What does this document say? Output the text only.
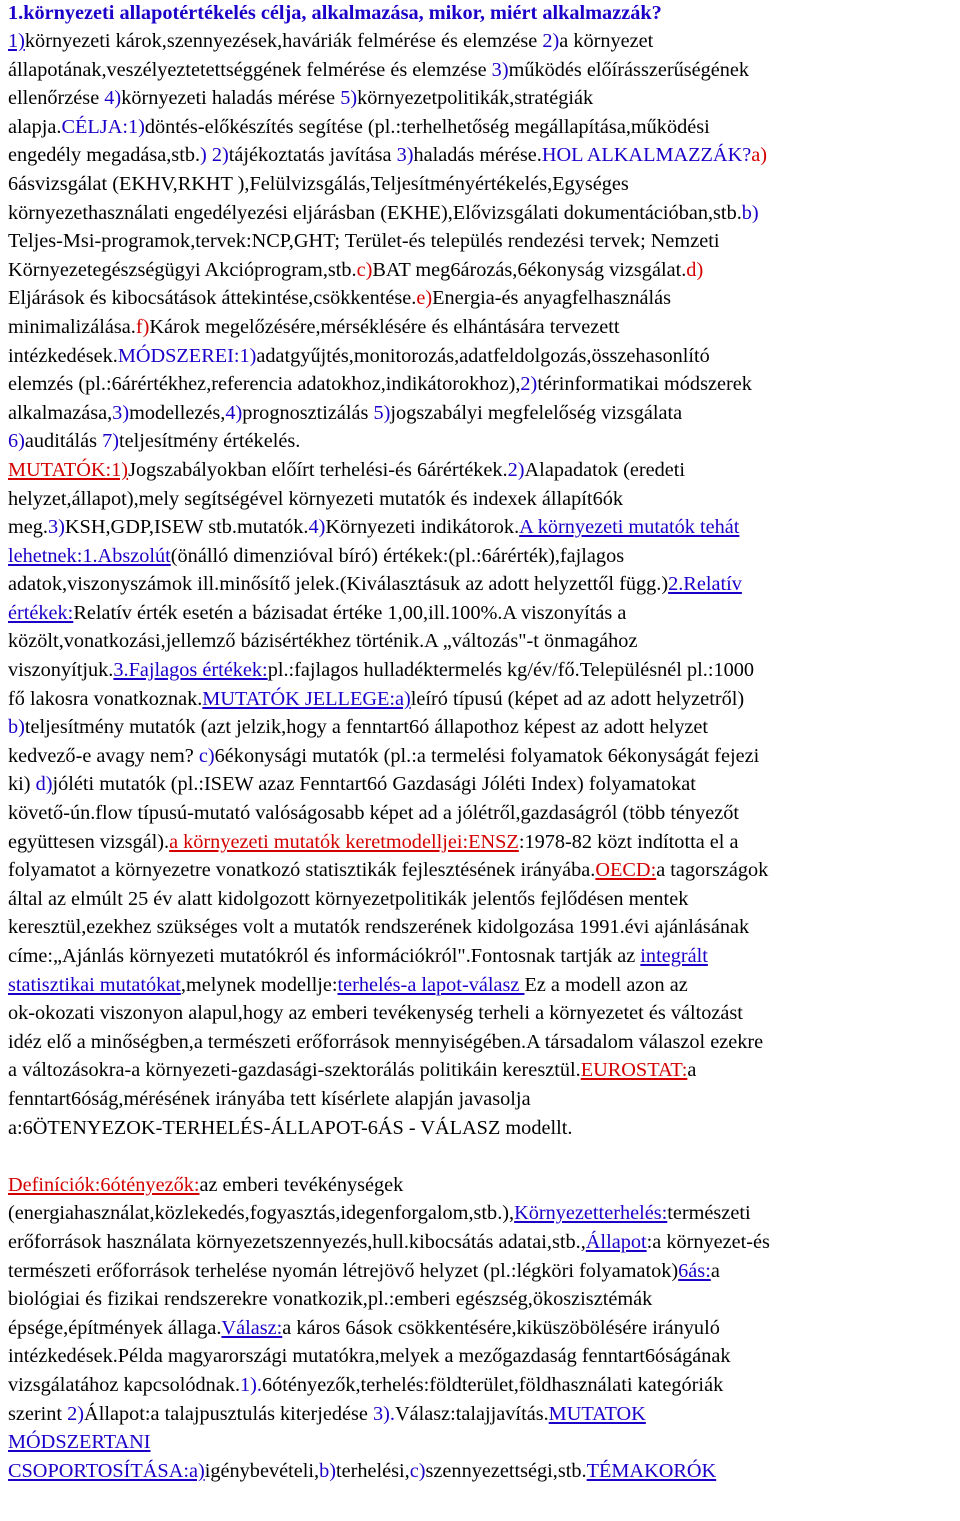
1.környezeti allapotértékelés célja, alkalmazása, mikor, miért alkalmazzák?
1)környezeti károk,szennyezések,haváriák felmérése és elemzése 2)a környezet
állapotának,veszélyeztetettséggének felmérése és elemzése 3)működés előírásszerűségének
ellenőrzése 4)környezeti haladás mérése 5)környezetpolitikák,stratégiák
alapja.CÉLJA:1)döntés-előkészítés segítése (pl.:terhelhetőség megállapítása,működési
engedély megadása,stb.) 2)tájékoztatás javítása 3)haladás mérése.HOL ALKALMAZZÁK?a)
6ásvizsgálat (EKHV,RKHT ),Felülvizsgálás,Teljesítményértékelés,Egységes
környezethasználati engedélyezési eljárásban (EKHE),Elővizsgálati dokumentációban,stb.b)
Teljes-Msi-programok,tervek:NCP,GHT; Terület-és település rendezési tervek; Nemzeti
Környezetegészségügyi Akcióprogram,stb.c)BAT meg6ározás,6ékonyság vizsgálat.d)
Eljárások és kibocsátások áttekintése,csökkentése.e)Energia-és anyagfelhasználás
minimalizálása.f)Károk megelőzésére,mérséklésére és elhántására tervezett
intézkedések.MÓDSZEREI:1)adatgyűjtés,monitorozás,adatfeldolgozás,összehasonlító
elemzés (pl.:6árértékhez,referencia adatokhoz,indikátorokhoz),2)térinformatikai módszerek
alkalmazása,3)modellezés,4)prognosztizálás 5)jogszabályi megfelelőség vizsgálata
6)auditálás 7)teljesítmény értékelés.
MUTATÓK:1)Jogszabályokban előírt terhelési-és 6árértékek.2)Alapadatok (eredeti
helyzet,állapot),mely segítségével környezeti mutatók és indexek állapít6ók
meg.3)KSH,GDP,ISEW stb.mutatók.4)Környezeti indikátorok.A környezeti mutatók tehát
lehetnek:1.Abszolút(önálló dimenzióval bíró) értékek:(pl.:6árérték),fajlagos
adatok,viszonyszámok ill.minősítő jelek.(Kiválasztásuk az adott helyzettől függ.)2.Relatív
értékek:Relatív érték esetén a bázisadat értéke 1,00,ill.100%.A viszonyítás a
közölt,vonatkozási,jellemző bázisértékhez történik.A „változás"-t önmagához
viszonyítjuk.3.Fajlagos értékek:pl.:fajlagos hulladéktermelés kg/év/fő.Településnél pl.:1000
fő lakosra vonatkoznak.MUTATÓK JELLEGE:a)leíró típusú (képet ad az adott helyzetről)
b)teljesítmény mutatók (azt jelzik,hogy a fenntart6ó állapothoz képest az adott helyzet
kedvező-e avagy nem? c)6ékonysági mutatók (pl.:a termelési folyamatok 6ékonyságát fejezi
ki) d)jóléti mutatók (pl.:ISEW azaz Fenntart6ó Gazdasági Jóléti Index) folyamatokat
követő-ún.flow típusú-mutató valóságosabb képet ad a jólétről,gazdaságról (több tényezőt
együttesen vizsgál).a környezeti mutatók keretmodelljei:ENSZ:1978-82 közt indította el a
folyamatot a környezetre vonatkozó statisztikák fejlesztésének irányába.OECD:a tagországok
által az elmúlt 25 év alatt kidolgozott környezetpolitikák jelentős fejlődésen mentek
keresztül,ezekhez szükséges volt a mutatók rendszerének kidolgozása 1991.évi ajánlásának
címe:„Ajánlás környezeti mutatókról és információkról".Fontosnak tartják az integrált
statisztikai mutatókat,melynek modellje:terhelés-a lapot-válasz Ez a modell azon az
ok-okozati viszonyon alapul,hogy az emberi tevékenység terheli a környezetet és változást
idéz elő a minőségben,a természeti erőforrások mennyiségében.A társadalom válaszol ezekre
a változásokra-a környezeti-gazdasági-szektorálás politikáin keresztül.EUROSTAT:a
fenntart6óság,mérésének irányába tett kísérlete alapján javasolja
a:6ÖTENYEZOK-TERHELÉS-ÁLLAPOT-6ÁS - VÁLASZ modellt.
Definíciók:6ótényezők:az emberi tevékénységek
(energiahasználat,közlekedés,fogyasztás,idegenforgalom,stb.),Környezetterhelés:természeti
erőforrások használata környezetszennyezés,hull.kibocsátás adatai,stb.,Állapot:a környezet-és
természeti erőforrások terhelése nyomán létrejövő helyzet (pl.:légköri folyamatok)6ás:a
biológiai és fizikai rendszerekre vonatkozik,pl.:emberi egészség,ökoszisztémák
épsége,építmények állaga.Válasz:a káros 6ások csökkentésére,kiküszöbölésére irányuló
intézkedések.Példa magyarországi mutatókra,melyek a mezőgazdaság fenntart6óságának
vizsgálatához kapcsolódnak.1).6ótényezők,terhelés:földterület,földhasználati kategóriák
szerint 2)Állapot:a talajpusztulás kiterjedése 3).Válasz:talajjavítás.MUTATOK
MÓDSZERTANI
CSOPORTOSÍTÁSA:a)igénybevételi,b)terhelési,c)szennyezettségi,stb.TÉMAKORÓK
